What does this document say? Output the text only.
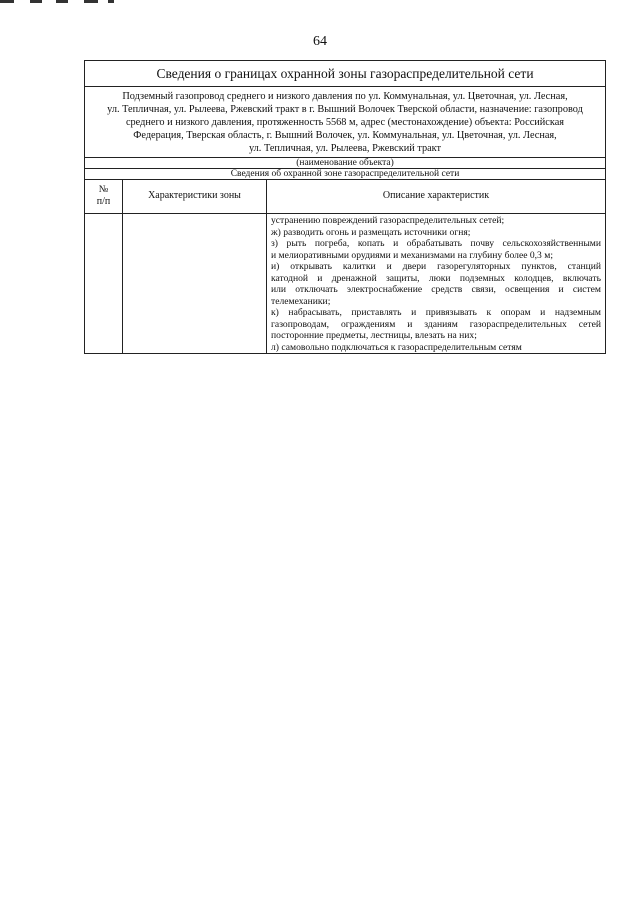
64
Сведения о границах охранной зоны газораспределительной сети
Подземный газопровод среднего и низкого давления по ул. Коммунальная, ул. Цветочная, ул. Лесная,
ул. Тепличная, ул. Рылеева, Ржевский тракт в г. Вышний Волочек Тверской области, назначение: газопровод
среднего и низкого давления, протяженность 5568 м, адрес (местонахождение) объекта: Российская
Федерация, Тверская область, г. Вышний Волочек, ул. Коммунальная, ул. Цветочная, ул. Лесная,
ул. Тепличная, ул. Рылеева, Ржевский тракт
(наименование объекта)
Сведения об охранной зоне газораспределительной сети
№
п/п
Характеристики зоны	Описание характеристик
устранению повреждений газораспределительных сетей;
ж) разводить огонь и размещать источники огня;
з) рыть погреба, копать и обрабатывать почву сельскохозяйственными
и мелиоративными орудиями и механизмами на глубину более 0,3 м;
и) открывать калитки и двери газорегуляторных пунктов, станций
катодной и дренажной защиты, люки подземных колодцев, включать
или отключать электроснабжение средств связи, освещения и систем
телемеханики;
к) набрасывать, приставлять и привязывать к опорам и надземным
газопроводам, ограждениям и зданиям газораспределительных сетей
посторонние предметы, лестницы, влезать на них;
л) самовольно подключаться к газораспределительным сетям
